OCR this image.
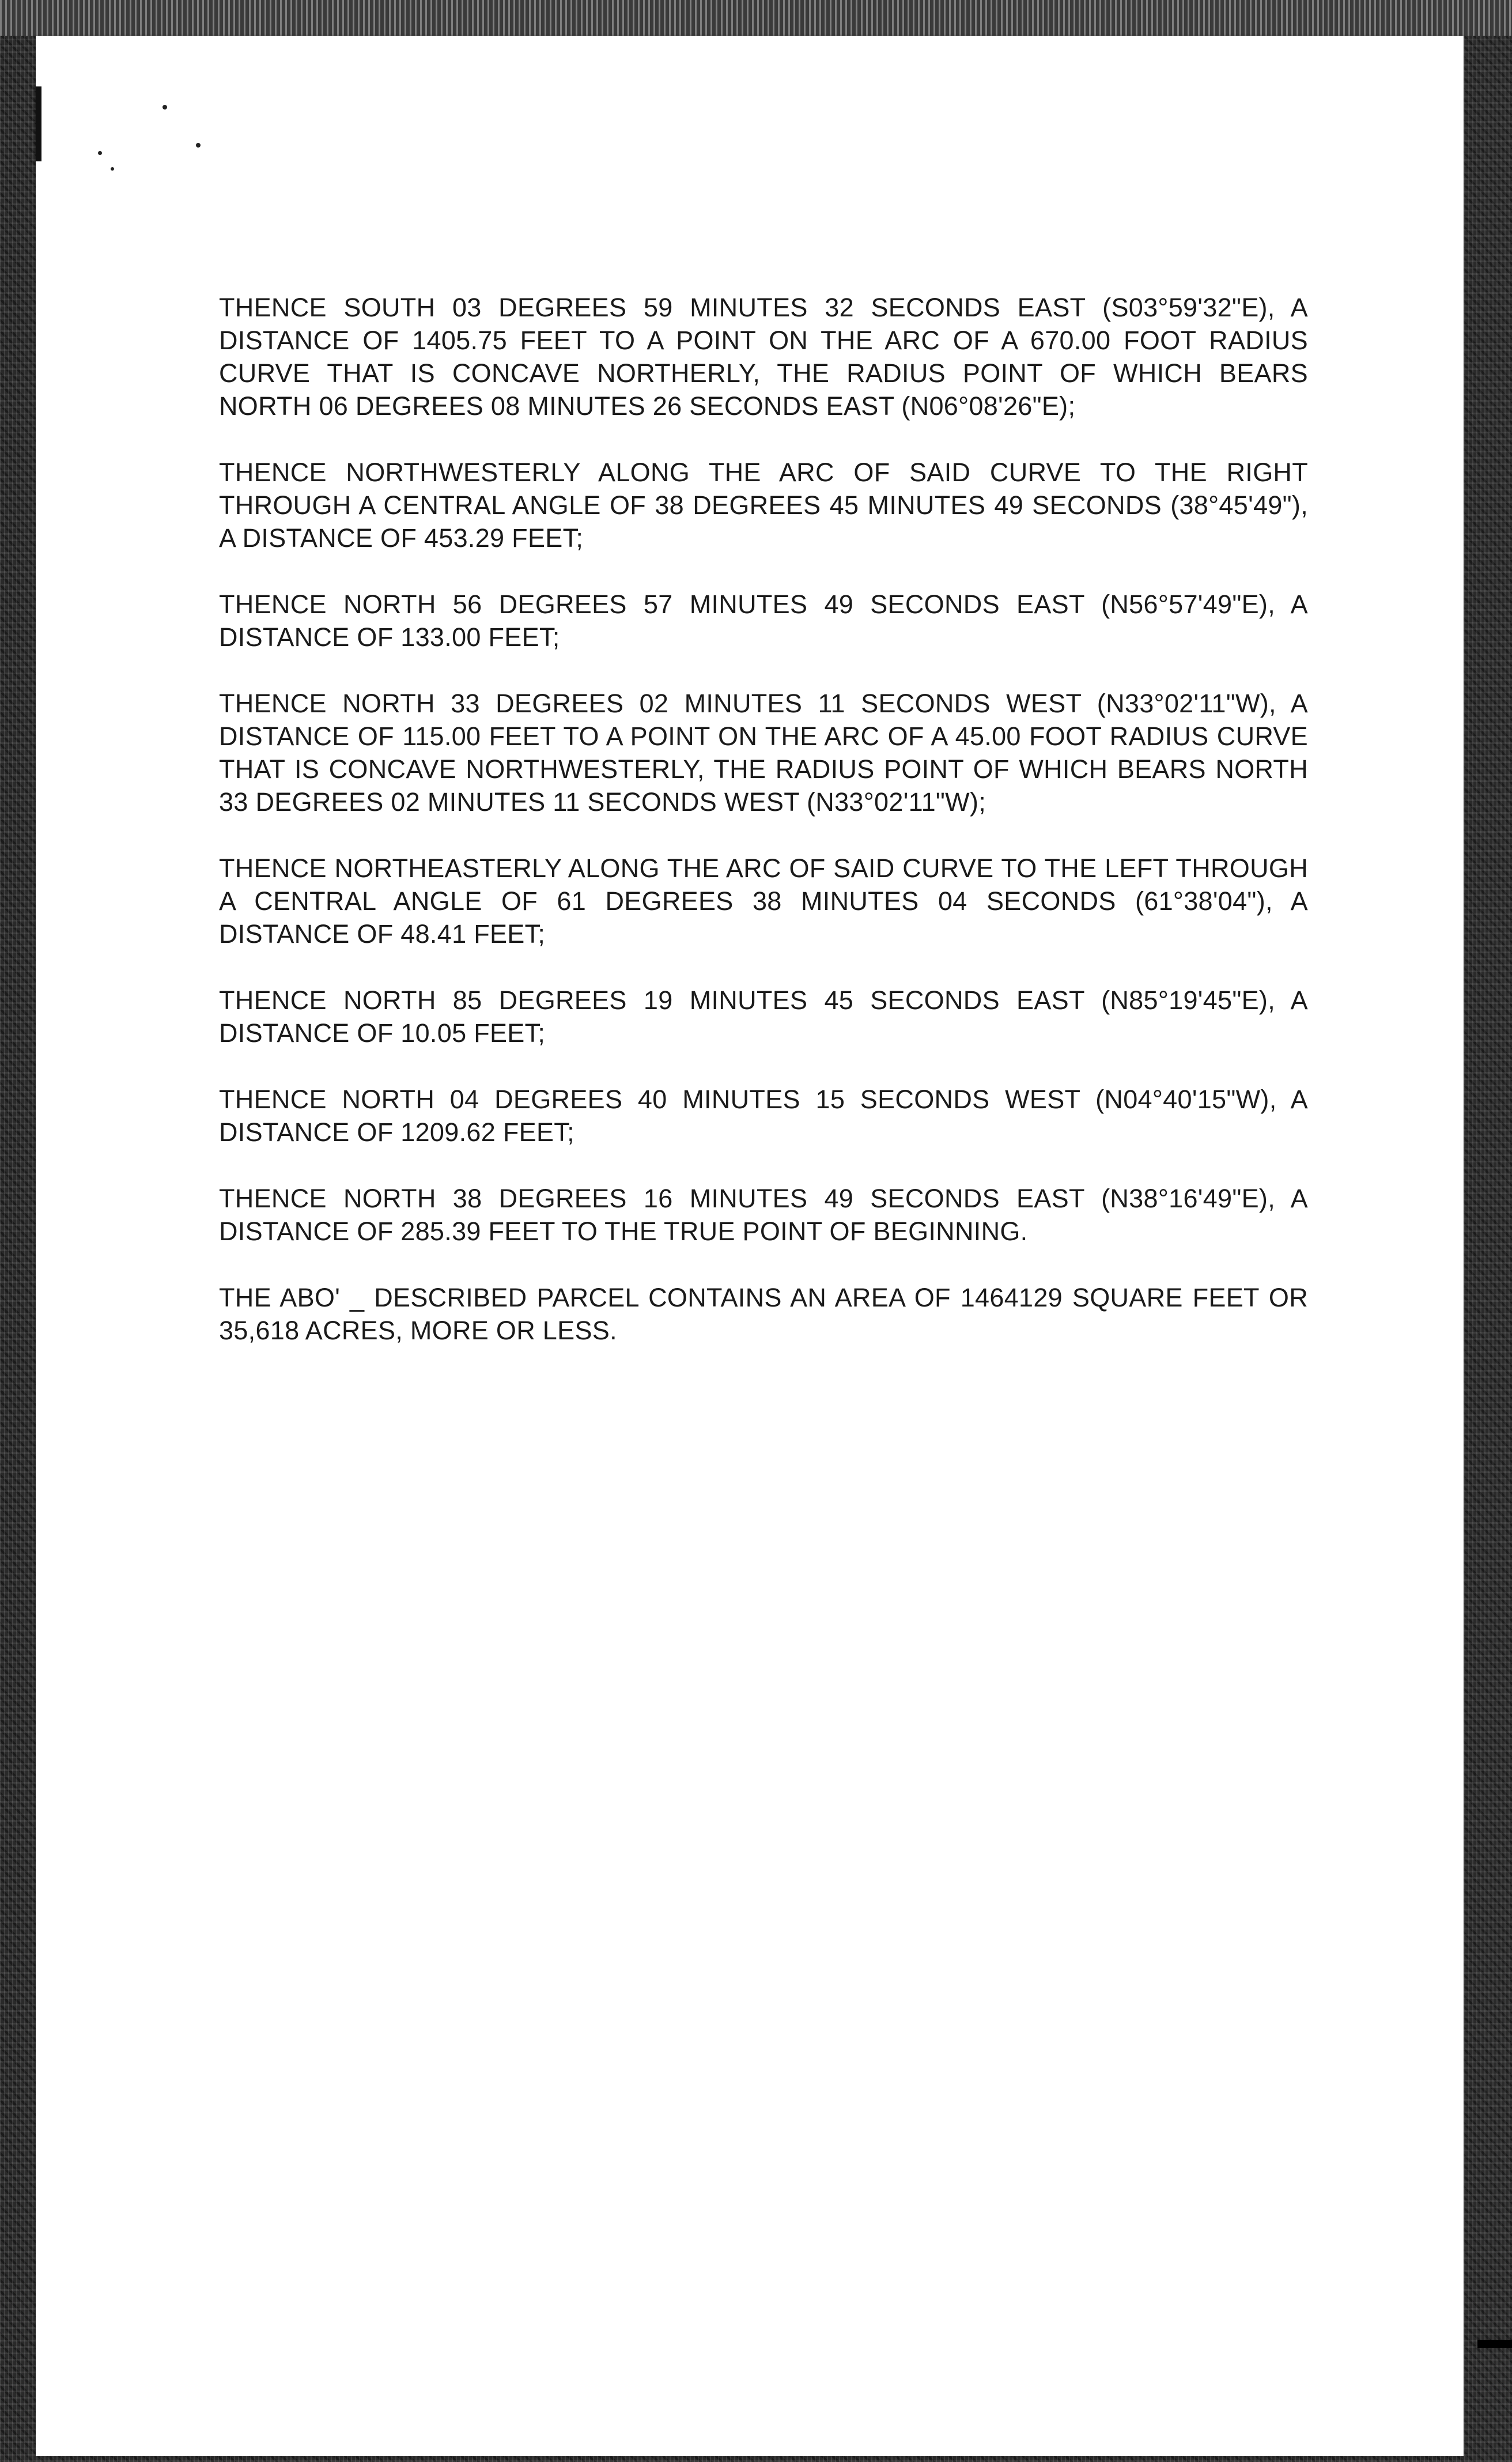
THENCE SOUTH 03 DEGREES 59 MINUTES 32 SECONDS EAST (S03°59'32"E), A DISTANCE OF 1405.75 FEET TO A POINT ON THE ARC OF A 670.00 FOOT RADIUS CURVE THAT IS CONCAVE NORTHERLY, THE RADIUS POINT OF WHICH BEARS NORTH 06 DEGREES 08 MINUTES 26 SECONDS EAST (N06°08'26"E);

THENCE NORTHWESTERLY ALONG THE ARC OF SAID CURVE TO THE RIGHT THROUGH A CENTRAL ANGLE OF 38 DEGREES 45 MINUTES 49 SECONDS (38°45'49"), A DISTANCE OF 453.29 FEET;

THENCE NORTH 56 DEGREES 57 MINUTES 49 SECONDS EAST (N56°57'49"E), A DISTANCE OF 133.00 FEET;

THENCE NORTH 33 DEGREES 02 MINUTES 11 SECONDS WEST (N33°02'11"W), A DISTANCE OF 115.00 FEET TO A POINT ON THE ARC OF A 45.00 FOOT RADIUS CURVE THAT IS CONCAVE NORTHWESTERLY, THE RADIUS POINT OF WHICH BEARS NORTH 33 DEGREES 02 MINUTES 11 SECONDS WEST (N33°02'11"W);

THENCE NORTHEASTERLY ALONG THE ARC OF SAID CURVE TO THE LEFT THROUGH A CENTRAL ANGLE OF 61 DEGREES 38 MINUTES 04 SECONDS (61°38'04"), A DISTANCE OF 48.41 FEET;

THENCE NORTH 85 DEGREES 19 MINUTES 45 SECONDS EAST (N85°19'45"E), A DISTANCE OF 10.05 FEET;

THENCE NORTH 04 DEGREES 40 MINUTES 15 SECONDS WEST (N04°40'15"W), A DISTANCE OF 1209.62 FEET;

THENCE NORTH 38 DEGREES 16 MINUTES 49 SECONDS EAST (N38°16'49"E), A DISTANCE OF 285.39 FEET TO THE TRUE POINT OF BEGINNING.

THE ABO' _ DESCRIBED PARCEL CONTAINS AN AREA OF 1464129 SQUARE FEET OR 35,618 ACRES, MORE OR LESS.
